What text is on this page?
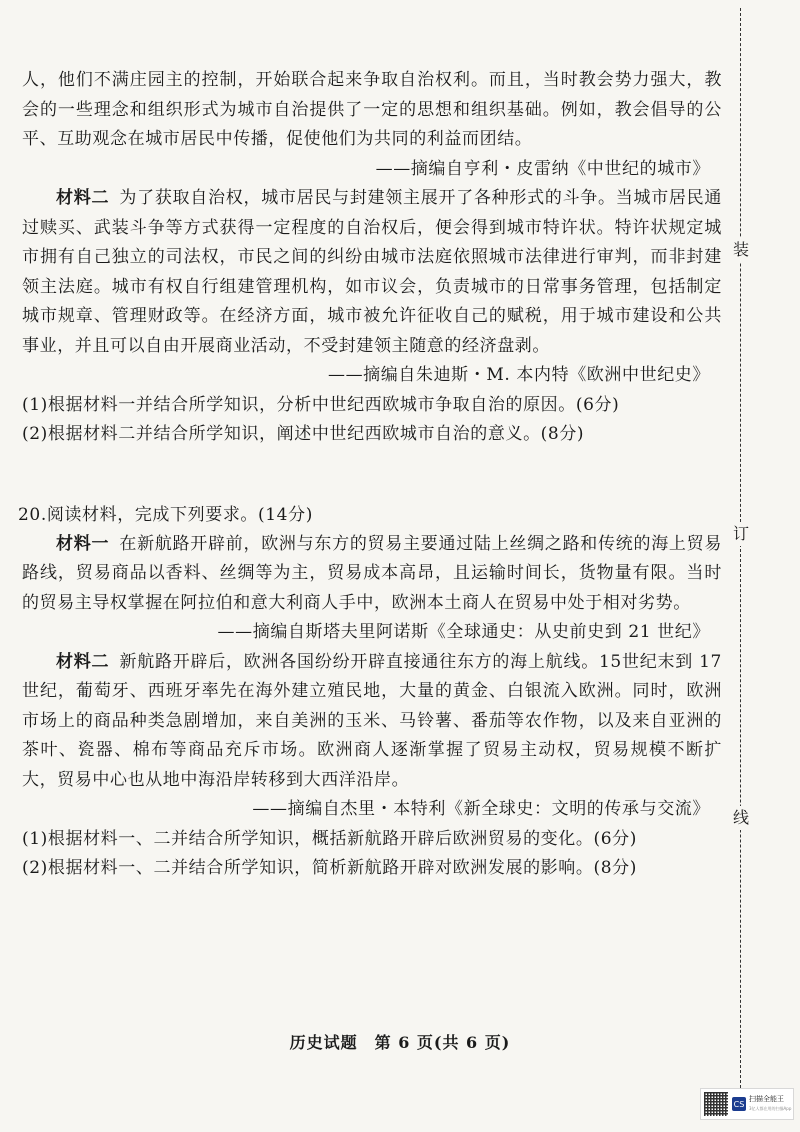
人，他们不满庄园主的控制，开始联合起来争取自治权利。而且，当时教会势力强大，教会的一些理念和组织形式为城市自治提供了一定的思想和组织基础。例如，教会倡导的公平、互助观念在城市居民中传播，促使他们为共同的利益而团结。

——摘编自亨利・皮雷纳《中世纪的城市》

材料二 为了获取自治权，城市居民与封建领主展开了各种形式的斗争。当城市居民通过赎买、武装斗争等方式获得一定程度的自治权后，便会得到城市特许状。特许状规定城市拥有自己独立的司法权，市民之间的纠纷由城市法庭依照城市法律进行审判，而非封建领主法庭。城市有权自行组建管理机构，如市议会，负责城市的日常事务管理，包括制定城市规章、管理财政等。在经济方面，城市被允许征收自己的赋税，用于城市建设和公共事业，并且可以自由开展商业活动，不受封建领主随意的经济盘剥。

——摘编自朱迪斯・M. 本内特《欧洲中世纪史》

(1)根据材料一并结合所学知识，分析中世纪西欧城市争取自治的原因。(6分)

(2)根据材料二并结合所学知识，阐述中世纪西欧城市自治的意义。(8分)

20.阅读材料，完成下列要求。(14分)

材料一 在新航路开辟前，欧洲与东方的贸易主要通过陆上丝绸之路和传统的海上贸易路线，贸易商品以香料、丝绸等为主，贸易成本高昂，且运输时间长，货物量有限。当时的贸易主导权掌握在阿拉伯和意大利商人手中，欧洲本土商人在贸易中处于相对劣势。

——摘编自斯塔夫里阿诺斯《全球通史：从史前史到 21 世纪》

材料二 新航路开辟后，欧洲各国纷纷开辟直接通往东方的海上航线。15世纪末到 17 世纪，葡萄牙、西班牙率先在海外建立殖民地，大量的黄金、白银流入欧洲。同时，欧洲市场上的商品种类急剧增加，来自美洲的玉米、马铃薯、番茄等农作物，以及来自亚洲的茶叶、瓷器、棉布等商品充斥市场。欧洲商人逐渐掌握了贸易主动权，贸易规模不断扩大，贸易中心也从地中海沿岸转移到大西洋沿岸。

——摘编自杰里・本特利《新全球史：文明的传承与交流》

(1)根据材料一、二并结合所学知识，概括新航路开辟后欧洲贸易的变化。(6分)

(2)根据材料一、二并结合所学知识，简析新航路开辟对欧洲发展的影响。(8分)

装
订
线
历史试题　第 6 页(共 6 页)
CS
扫描全能王
3亿人都在用的扫描App
